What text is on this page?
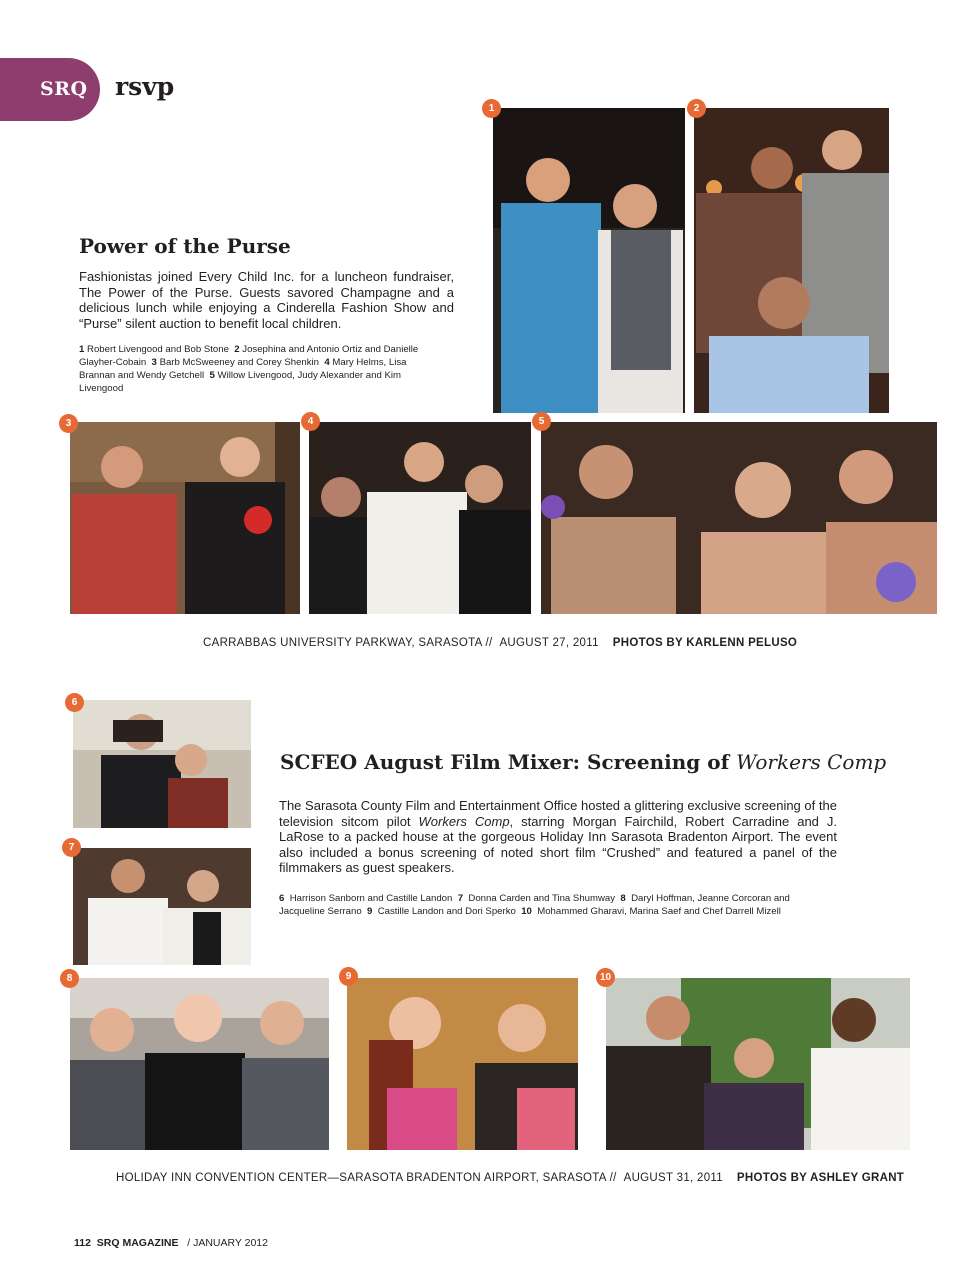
SRQ rsvp
Power of the Purse
Fashionistas joined Every Child Inc. for a luncheon fundraiser, The Power of the Purse. Guests savored Champagne and a delicious lunch while enjoying a Cinderella Fashion Show and “Purse” silent auction to benefit local children.
1 Robert Livengood and Bob Stone 2 Josephina and Antonio Ortiz and Danielle Glayher-Cobain 3 Barb McSweeney and Corey Shenkin 4 Mary Helms, Lisa Brannan and Wendy Getchell 5 Willow Livengood, Judy Alexander and Kim Livengood
1	2
3	4	5
CARRABBAS UNIVERSITY PARKWAY, SARASOTA // AUGUST 27, 2011 PHOTOS BY KARLENN PELUSO
6
7
SCFEO August Film Mixer: Screening of Workers Comp
The Sarasota County Film and Entertainment Office hosted a glittering exclusive screening of the television sitcom pilot Workers Comp, starring Morgan Fairchild, Robert Carradine and J. LaRose to a packed house at the gorgeous Holiday Inn Sarasota Bradenton Airport. The event also included a bonus screening of noted short film “Crushed” and featured a panel of the filmmakers as guest speakers.
6 Harrison Sanborn and Castille Landon 7 Donna Carden and Tina Shumway 8 Daryl Hoffman, Jeanne Corcoran and Jacqueline Serrano 9 Castille Landon and Dori Sperko 10 Mohammed Gharavi, Marina Saef and Chef Darrell Mizell
8	9	10
HOLIDAY INN CONVENTION CENTER—SARASOTA BRADENTON AIRPORT, SARASOTA // AUGUST 31, 2011 PHOTOS BY ASHLEY GRANT
112 SRQ MAGAZINE / JANUARY 2012
